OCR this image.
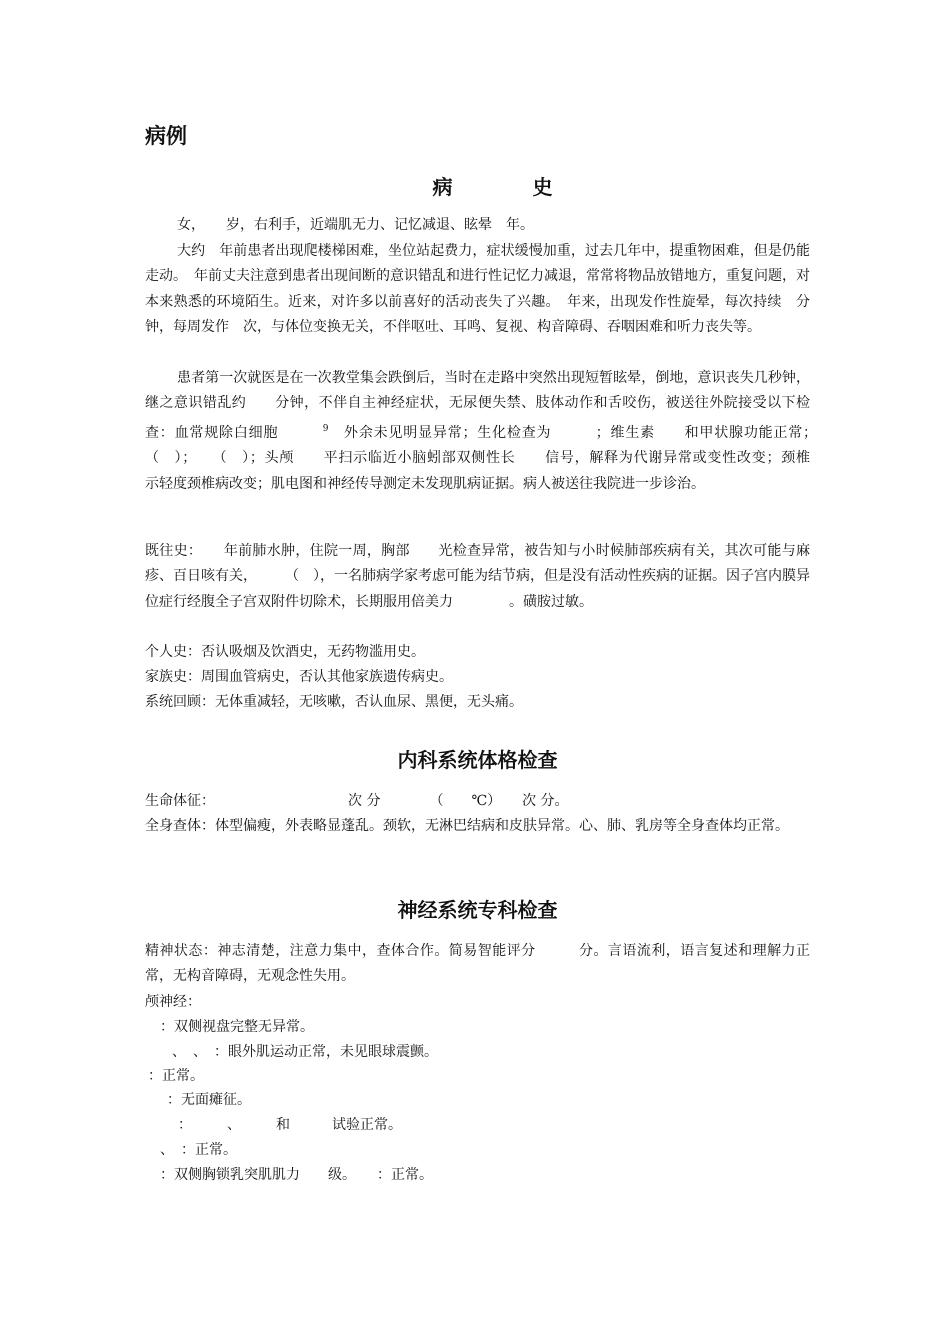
病例
病　史

女，　　岁，右利手，近端肌无力、记忆减退、眩晕　年。

大约　年前患者出现爬楼梯困难，坐位站起费力，症状缓慢加重，过去几年中，提重物困难，但是仍能走动。　年前丈夫注意到患者出现间断的意识错乱和进行性记忆力减退，常常将物品放错地方，重复问题，对本来熟悉的环境陌生。近来，对许多以前喜好的活动丧失了兴趣。　年来，出现发作性旋晕，每次持续　分钟，每周发作　次，与体位变换无关，不伴呕吐、耳鸣、复视、构音障碍、吞咽困难和听力丧失等。

患者第一次就医是在一次教堂集会跌倒后，当时在走路中突然出现短暂眩晕，倒地，意识丧失几秒钟，继之意识错乱约　　分钟，不伴自主神经症状，无尿便失禁、肢体动作和舌咬伤，被送往外院接受以下检查：血常规除白细胞　　　	$^9$　 外余未见明显异常；生化检查为　　　；维生素　　和甲状腺功能正常；　　（　）；　　（　）；头颅　　平扫示临近小脑蚓部双侧性长　　信号，解释为代谢异常或变性改变；颈椎　　示轻度颈椎病改变；肌电图和神经传导测定未发现肌病证据。病人被送往我院进一步诊治。

既往史：　　年前肺水肿，住院一周，胸部　　光检查异常，被告知与小时候肺部疾病有关，其次可能与麻疹、百日咳有关，　　　（　），一名肺病学家考虑可能为结节病，但是没有活动性疾病的证据。因子宫内膜异位症行经腹全子宫双附件切除术，长期服用倍美力　　　　。磺胺过敏。

个人史：否认吸烟及饮酒史，无药物滥用史。

家族史：周围血管病史，否认其他家族遗传病史。

系统回顾：无体重减轻，无咳嗽，否认血尿、黑便，无头痛。

内科系统体格检查

生命体征：　　　　　　　　　　次 分　　　　（　　℃）　　次 分。

全身查体：体型偏瘦，外表略显蓬乱。颈软，无淋巴结病和皮肤异常。心、肺、乳房等全身查体均正常。

神经系统专科检查

精神状态：神志清楚，注意力集中，查体合作。简易智能评分　　　分。言语流利，语言复述和理解力正常，无构音障碍，无观念性失用。

颅神经：

：双侧视盘完整无异常。
、　、　：眼外肌运动正常，未见眼球震颤。
：正常。
：无面瘫征。
：　　　、　　　和　　　试验正常。
、　：正常。
：双侧胸锁乳突肌肌力　　级。　　：正常。
